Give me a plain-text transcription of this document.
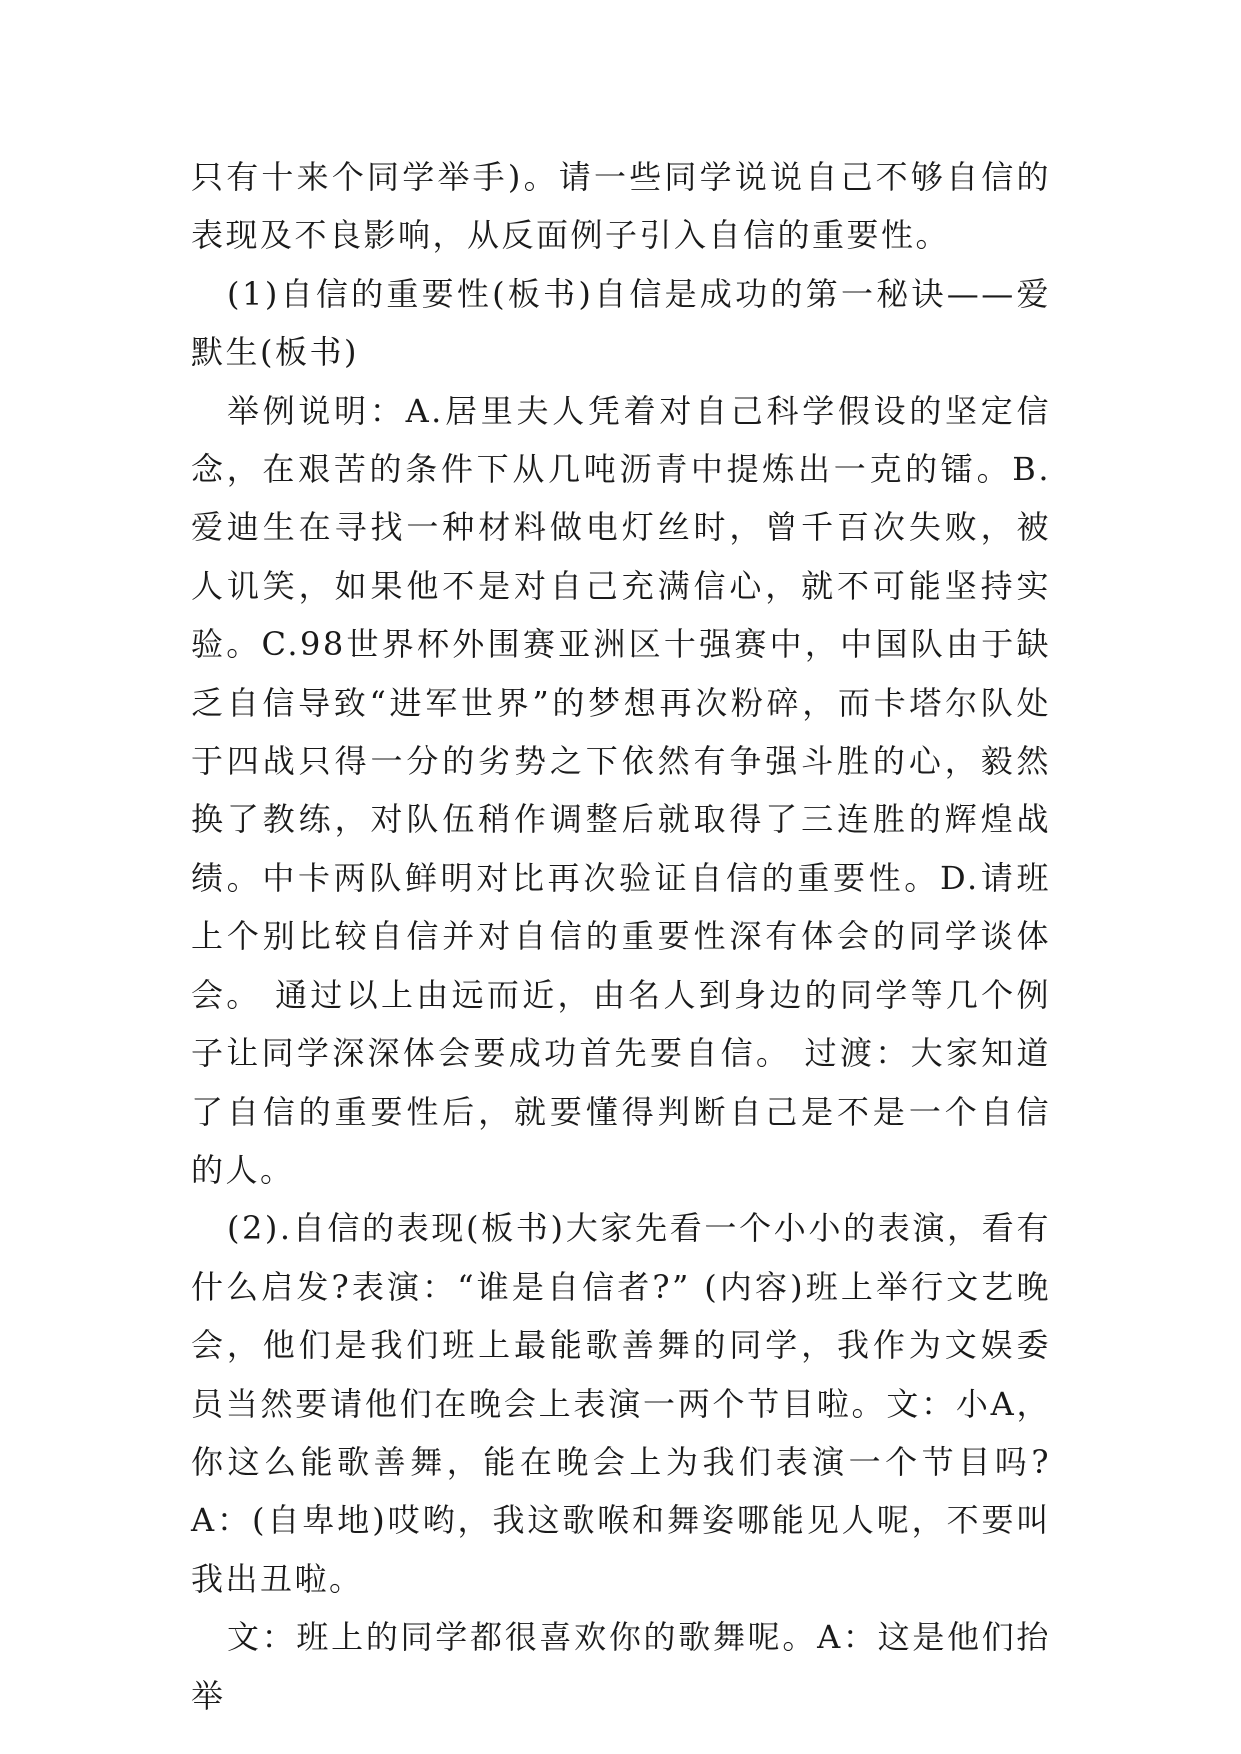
只有十来个同学举手)。请一些同学说说自己不够自信的表现及不良影响，从反面例子引入自信的重要性。

(1)自信的重要性(板书)自信是成功的第一秘诀——爱默生(板书)

举例说明：A.居里夫人凭着对自己科学假设的坚定信念，在艰苦的条件下从几吨沥青中提炼出一克的镭。B.爱迪生在寻找一种材料做电灯丝时，曾千百次失败，被人讥笑，如果他不是对自己充满信心，就不可能坚持实验。C.98世界杯外围赛亚洲区十强赛中，中国队由于缺乏自信导致“进军世界”的梦想再次粉碎，而卡塔尔队处于四战只得一分的劣势之下依然有争强斗胜的心，毅然换了教练，对队伍稍作调整后就取得了三连胜的辉煌战绩。中卡两队鲜明对比再次验证自信的重要性。D.请班上个别比较自信并对自信的重要性深有体会的同学谈体会。 通过以上由远而近，由名人到身边的同学等几个例子让同学深深体会要成功首先要自信。 过渡：大家知道了自信的重要性后，就要懂得判断自己是不是一个自信的人。

(2).自信的表现(板书)大家先看一个小小的表演，看有什么启发?表演：“谁是自信者?” (内容)班上举行文艺晚会，他们是我们班上最能歌善舞的同学，我作为文娱委员当然要请他们在晚会上表演一两个节目啦。文：小A，你这么能歌善舞，能在晚会上为我们表演一个节目吗?A：(自卑地)哎哟，我这歌喉和舞姿哪能见人呢，不要叫我出丑啦。

文：班上的同学都很喜欢你的歌舞呢。A：这是他们抬举
